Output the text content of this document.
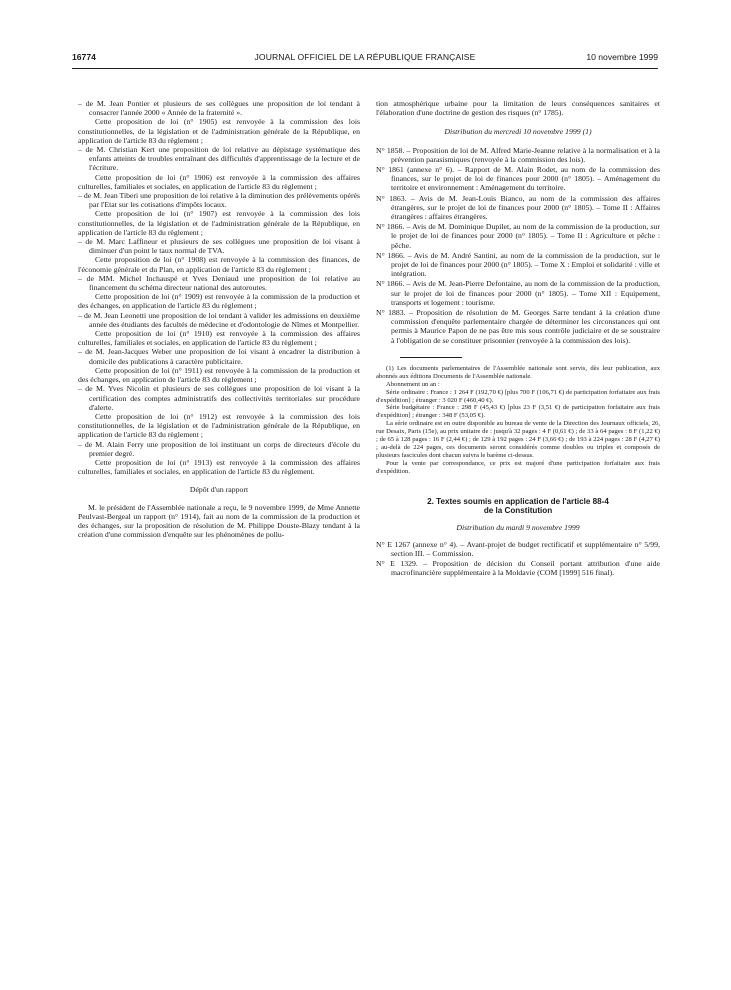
16774	JOURNAL OFFICIEL DE LA RÉPUBLIQUE FRANÇAISE	10 novembre 1999

– de M. Jean Pontier et plusieurs de ses collègues une proposition de loi tendant à consacrer l'année 2000 « Année de la fraternité ».

Cette proposition de loi (n° 1905) est renvoyée à la commission des lois constitutionnelles, de la législation et de l'administration générale de la République, en application de l'article 83 du règlement ;

– de M. Christian Kert une proposition de loi relative au dépistage systématique des enfants atteints de troubles entraînant des difficultés d'apprentissage de la lecture et de l'écriture.

Cette proposition de loi (n° 1906) est renvoyée à la commission des affaires culturelles, familiales et sociales, en application de l'article 83 du règlement ;

– de M. Jean Tiberi une proposition de loi relative à la diminution des prélèvements opérés par l'Etat sur les cotisations d'impôts locaux.

Cette proposition de loi (n° 1907) est renvoyée à la commission des lois constitutionnelles, de la législation et de l'administration générale de la République, en application de l'article 83 du règlement ;

– de M. Marc Laffineur et plusieurs de ses collègues une proposition de loi visant à diminuer d'un point le taux normal de TVA.

Cette proposition de loi (n° 1908) est renvoyée à la commission des finances, de l'économie générale et du Plan, en application de l'article 83 du règlement ;

– de MM. Michel Inchauspé et Yves Deniaud une proposition de loi relative au financement du schéma directeur national des autoroutes.

Cette proposition de loi (n° 1909) est renvoyée à la commission de la production et des échanges, en application de l'article 83 du règlement ;

– de M. Jean Leonetti une proposition de loi tendant à valider les admissions en deuxième année des étudiants des facultés de médecine et d'odontologie de Nîmes et Montpellier.

Cette proposition de loi (n° 1910) est renvoyée à la commission des affaires culturelles, familiales et sociales, en application de l'article 83 du règlement ;

– de M. Jean-Jacques Weber une proposition de loi visant à encadrer la distribution à domicile des publications à caractère publicitaire.

Cette proposition de loi (n° 1911) est renvoyée à la commission de la production et des échanges, en application de l'article 83 du règlement ;

– de M. Yves Nicolin et plusieurs de ses collègues une proposition de loi visant à la certification des comptes administratifs des collectivités territoriales sur procédure d'alerte.

Cette proposition de loi (n° 1912) est renvoyée à la commission des lois constitutionnelles, de la législation et de l'administration générale de la République, en application de l'article 83 du règlement ;

– de M. Alain Ferry une proposition de loi instituant un corps de directeurs d'école du premier degré.

Cette proposition de loi (n° 1913) est renvoyée à la commission des affaires culturelles, familiales et sociales, en application de l'article 83 du règlement.

Dépôt d'un rapport

M. le président de l'Assemblée nationale a reçu, le 9 novembre 1999, de Mme Annette Peulvast-Bergeal un rapport (n° 1914), fait au nom de la commission de la production et des échanges, sur la proposition de résolution de M. Philippe Douste-Blazy tendant à la création d'une commission d'enquête sur les phénomènes de pollu-

tion atmosphérique urbaine pour la limitation de leurs conséquences sanitaires et l'élaboration d'une doctrine de gestion des risques (n° 1785).

Distribution du mercredi 10 novembre 1999 (1)

N° 1858. – Proposition de loi de M. Alfred Marie-Jeanne relative à la normalisation et à la prévention parasismiques (renvoyée à la commission des lois).

N° 1861 (annexe n° 6). – Rapport de M. Alain Rodet, au nom de la commission des finances, sur le projet de loi de finances pour 2000 (n° 1805). – Aménagement du territoire et environnement : Aménagement du territoire.

N° 1863. – Avis de M. Jean-Louis Bianco, au nom de la commission des affaires étrangères, sur le projet de loi de finances pour 2000 (n° 1805). – Tome II : Affaires étrangères : affaires étrangères.

N° 1866. – Avis de M. Dominique Dupilet, au nom de la commission de la production, sur le projet de loi de finances pour 2000 (n° 1805). – Tome II : Agriculture et pêche : pêche.

N° 1866. – Avis de M. André Santini, au nom de la commission de la production, sur le projet de loi de finances pour 2000 (n° 1805). – Tome X : Emploi et solidarité : ville et intégration.

N° 1866. – Avis de M. Jean-Pierre Defontaine, au nom de la commission de la production, sur le projet de loi de finances pour 2000 (n° 1805). – Tome XII : Equipement, transports et logement : tourisme.

N° 1883. – Proposition de résolution de M. Georges Sarre tendant à la création d'une commission d'enquête parlementaire chargée de déterminer les circonstances qui ont permis à Maurice Papon de ne pas être mis sous contrôle judiciaire et de se soustraire à l'obligation de se constituer prisonnier (renvoyée à la commission des lois).

(1) Les documents parlementaires de l'Assemblée nationale sont servis, dès leur publication, aux abonnés aux éditions Documents de l'Assemblée nationale.

Abonnement un an :

Série ordinaire : France : 1 264 F (192,70 €) [plus 700 F (106,71 €) de participation forfaitaire aux frais d'expédition] ; étranger : 3 020 F (460,40 €).

Série budgétaire : France : 298 F (45,43 €) [plus 23 F (3,51 €) de participation forfaitaire aux frais d'expédition] ; étranger : 348 F (53,05 €).

La série ordinaire est en outre disponible au bureau de vente de la Direction des Journaux officiels, 26, rue Desaix, Paris (15e), au prix unitaire de : jusqu'à 32 pages : 4 F (0,61 €) ; de 33 à 64 pages : 8 F (1,22 €) ; de 65 à 128 pages : 16 F (2,44 €) ; de 129 à 192 pages : 24 F (3,66 €) ; de 193 à 224 pages : 28 F (4,27 €) ; au-delà de 224 pages, ces documents seront considérés comme doubles ou triples et composés de plusieurs fascicules dont chacun suivra le barème ci-dessus.

Pour la vente par correspondance, ce prix est majoré d'une participation forfaitaire aux frais d'expédition.

2. Textes soumis en application de l'article 88-4
de la Constitution
Distribution du mardi 9 novembre 1999

N° E 1267 (annexe n° 4). – Avant-projet de budget rectificatif et supplémentaire n° 5/99, section III. – Commission.

N° E 1329. – Proposition de décision du Conseil portant attribution d'une aide macrofinancière supplémentaire à la Moldavie (COM [1999] 516 final).
